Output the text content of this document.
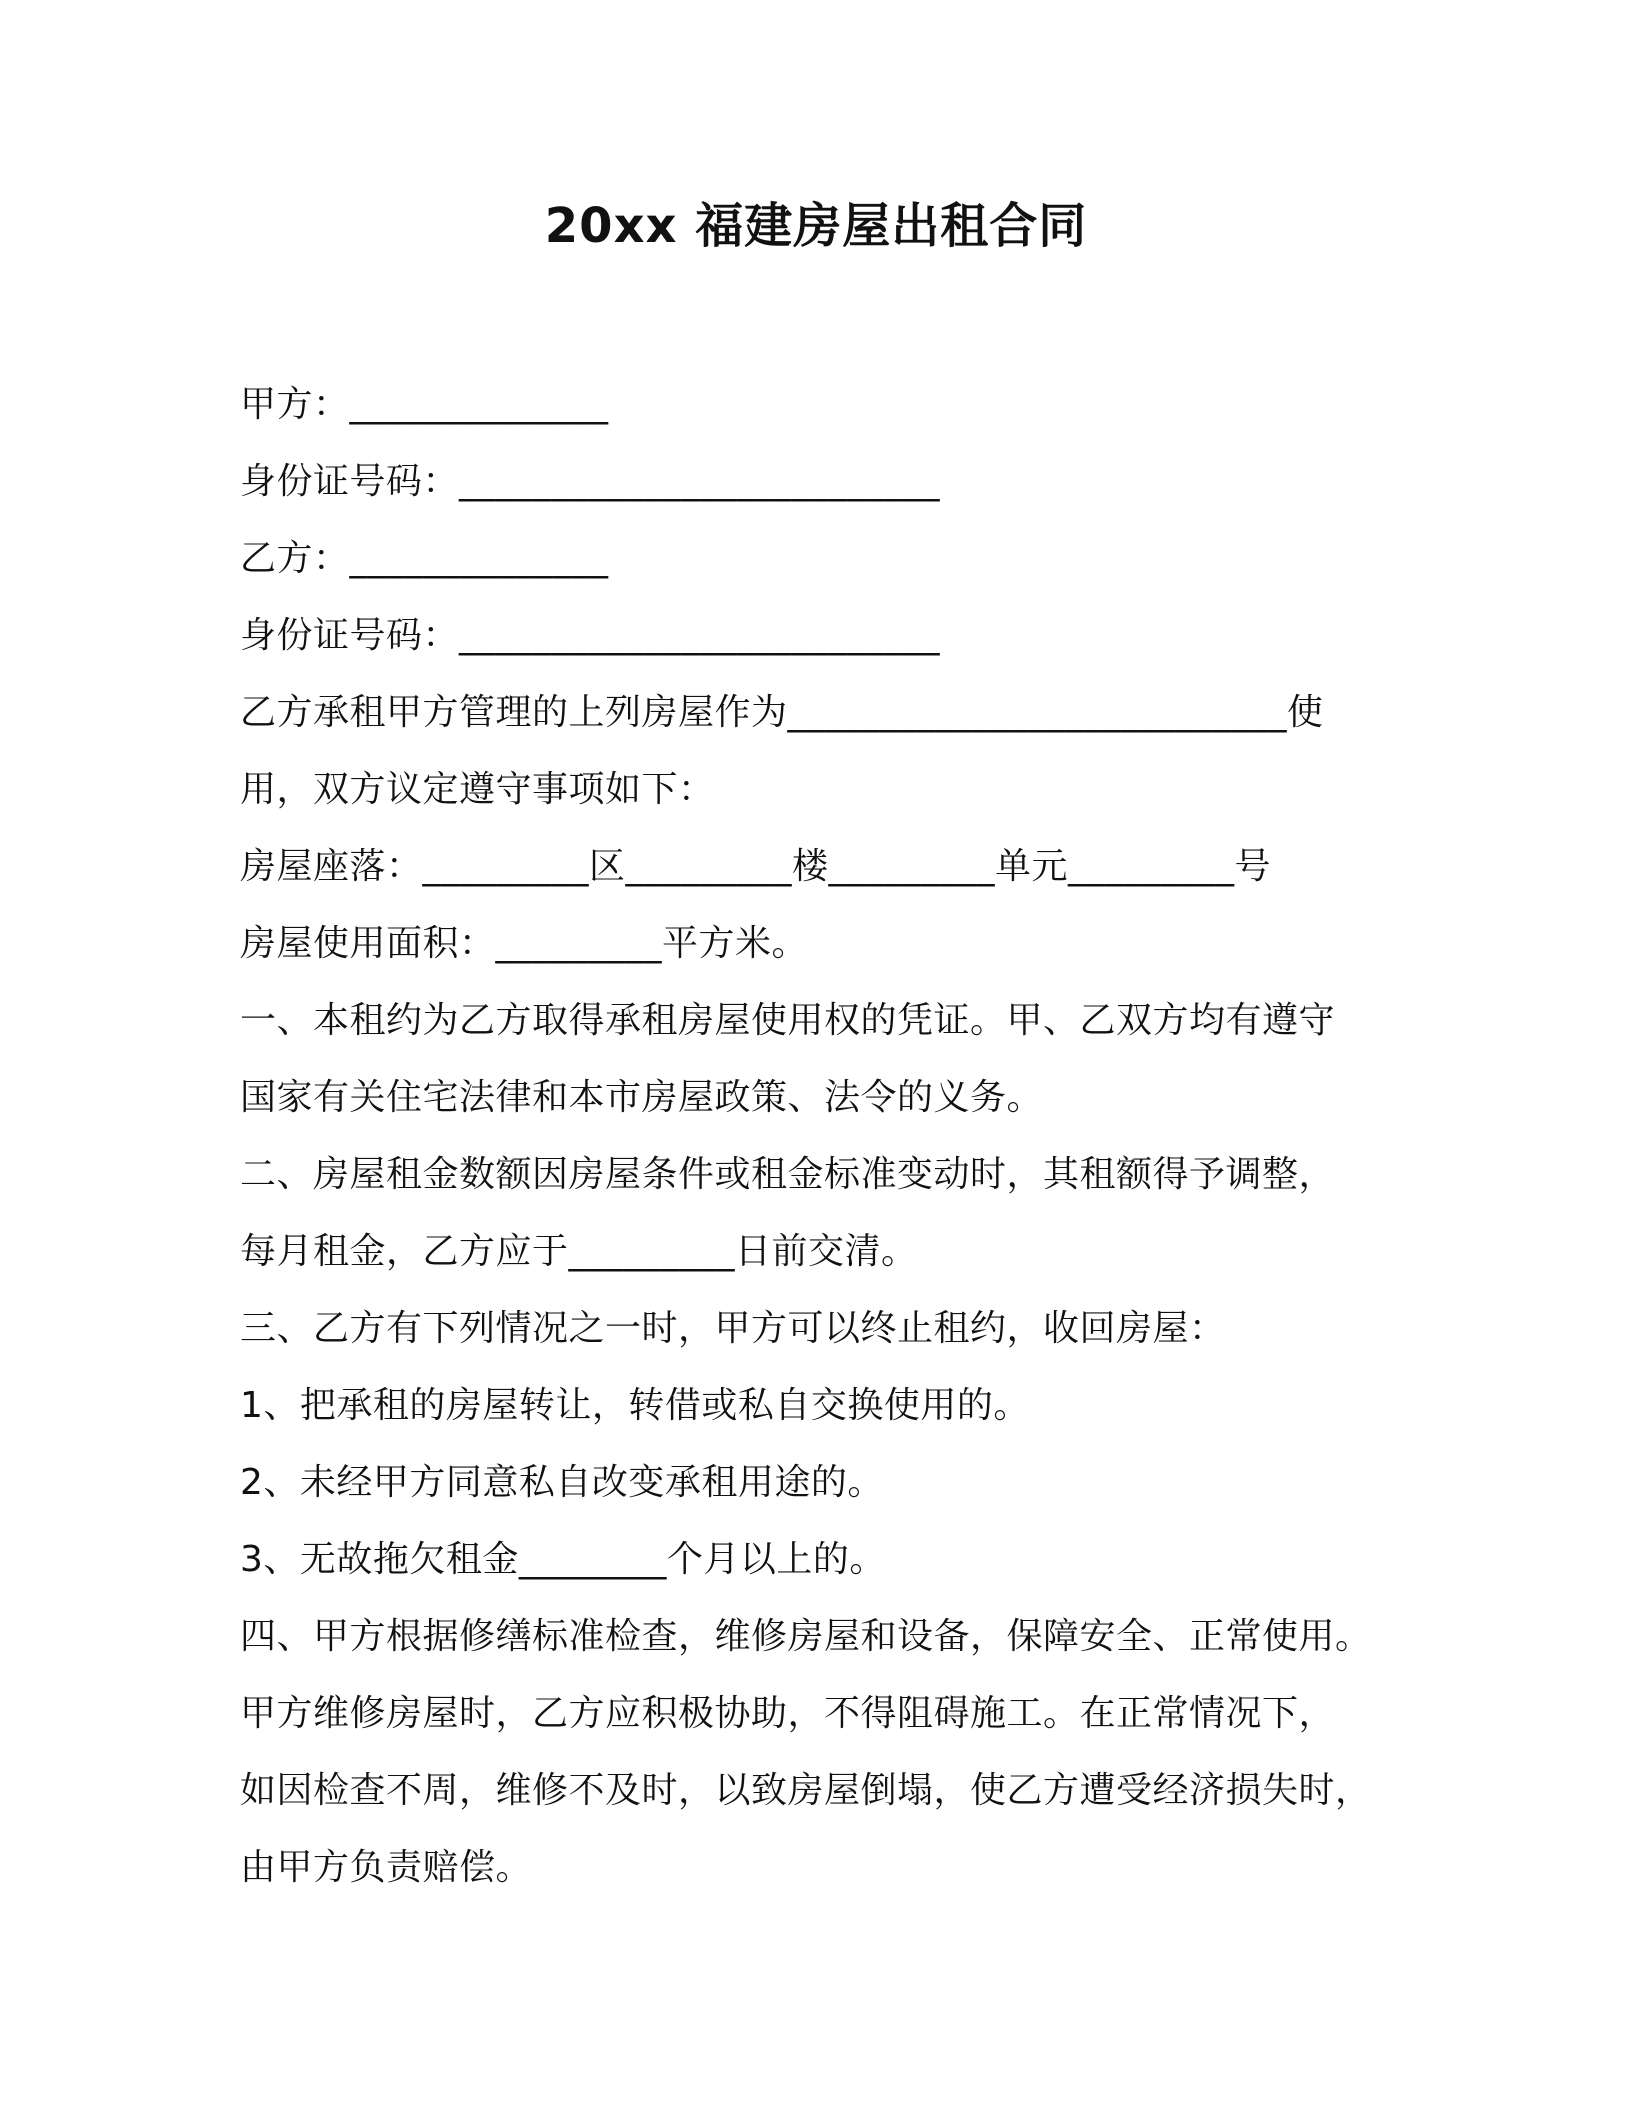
20xx 福建房屋出租合同
甲方：______________
身份证号码：__________________________
乙方：______________
身份证号码：__________________________
乙方承租甲方管理的上列房屋作为___________________________使
用，双方议定遵守事项如下：
房屋座落：_________区_________楼_________单元_________号
房屋使用面积：_________平方米。
一、本租约为乙方取得承租房屋使用权的凭证。甲、乙双方均有遵守
国家有关住宅法律和本市房屋政策、法令的义务。
二、房屋租金数额因房屋条件或租金标准变动时，其租额得予调整，
每月租金，乙方应于_________日前交清。
三、乙方有下列情况之一时，甲方可以终止租约，收回房屋：
1、把承租的房屋转让，转借或私自交换使用的。
2、未经甲方同意私自改变承租用途的。
3、无故拖欠租金________个月以上的。
四、甲方根据修缮标准检查，维修房屋和设备，保障安全、正常使用。
甲方维修房屋时，乙方应积极协助，不得阻碍施工。在正常情况下，
如因检查不周，维修不及时，以致房屋倒塌，使乙方遭受经济损失时，
由甲方负责赔偿。
